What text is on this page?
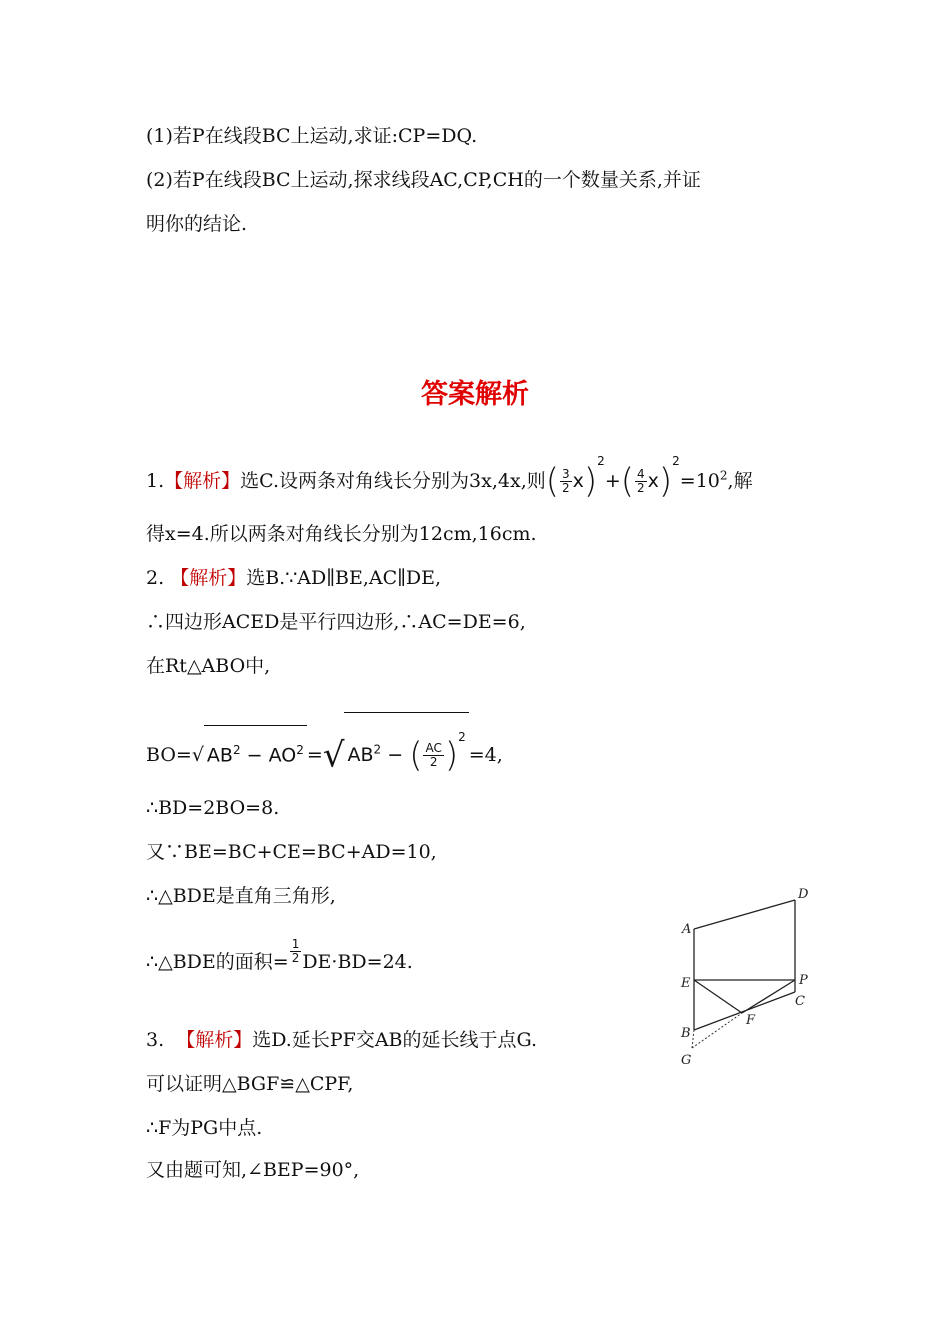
(1)若P在线段BC上运动,求证:CP=DQ.
(2)若P在线段BC上运动,探求线段AC,CP,CH的一个数量关系,并证
明你的结论.
答案解析
1.【解析】选C.设两条对角线长分别为3x,4x,则( $\frac{3}{2} x)^2+( \frac{4}{2} x)^2=10^2$,解
得x=4.所以两条对角线长分别为12cm,16cm.
2. 【解析】选B.∵AD∥BE,AC∥DE,
∴四边形ACED是平行四边形,∴AC=DE=6,
在Rt△ABO中,
BO=√ $AB^2 - AO^2$ =√ $AB^2$ − ( $\frac{AC}{2} )^2=4$,
∴BD=2BO=8.
又∵BE=BC+CE=BC+AD=10,
∴△BDE是直角三角形,
∴△BDE的面积= $\frac{1}{2} DE\cdot BD=24$.
3. 【解析】选D.延长PF交AB的延长线于点G.
可以证明△BGF≌△CPF,
∴F为PG中点.
又由题可知,∠BEP=90°,
D
A
E	P
C
F
B
G
